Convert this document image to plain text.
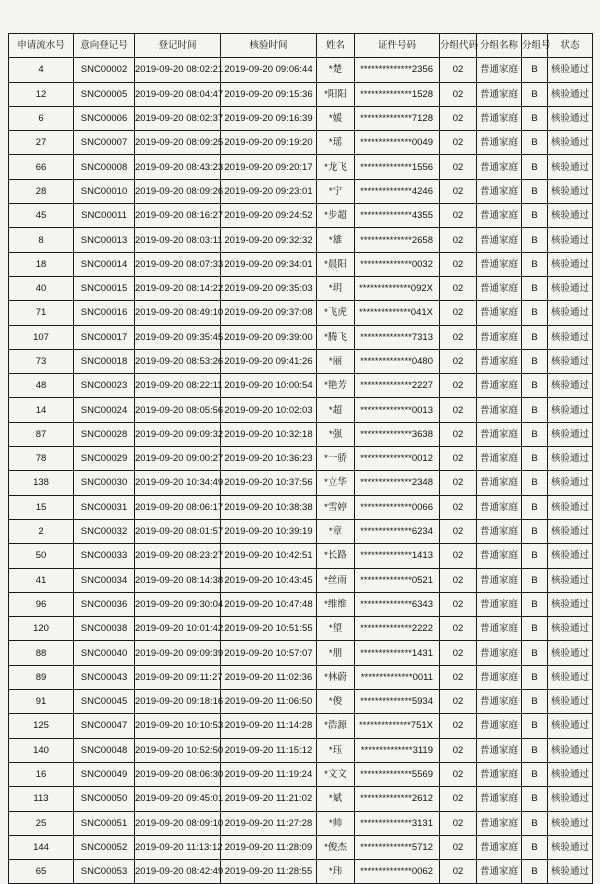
申请流水号	意向登记号	登记时间	核验时间	姓名	证件号码	分组代码	分组名称	分组号	状态
4	SNC00002	2019-09-20 08:02:21	2019-09-20 09:06:44	*楚	**************2356	02	普通家庭	B	核验通过
12	SNC00005	2019-09-20 08:04:47	2019-09-20 09:15:36	*阳阳	**************1528	02	普通家庭	B	核验通过
6	SNC00006	2019-09-20 08:02:37	2019-09-20 09:16:39	*媛	**************7128	02	普通家庭	B	核验通过
27	SNC00007	2019-09-20 08:09:25	2019-09-20 09:19:20	*瑶	**************0049	02	普通家庭	B	核验通过
66	SNC00008	2019-09-20 08:43:23	2019-09-20 09:20:17	*龙飞	**************1556	02	普通家庭	B	核验通过
28	SNC00010	2019-09-20 08:09:26	2019-09-20 09:23:01	*宁	**************4246	02	普通家庭	B	核验通过
45	SNC00011	2019-09-20 08:16:27	2019-09-20 09:24:52	*步超	**************4355	02	普通家庭	B	核验通过
8	SNC00013	2019-09-20 08:03:11	2019-09-20 09:32:32	*雄	**************2658	02	普通家庭	B	核验通过
18	SNC00014	2019-09-20 08:07:33	2019-09-20 09:34:01	*晨阳	**************0032	02	普通家庭	B	核验通过
40	SNC00015	2019-09-20 08:14:22	2019-09-20 09:35:03	*玥	**************092X	02	普通家庭	B	核验通过
71	SNC00016	2019-09-20 08:49:10	2019-09-20 09:37:08	*飞虎	**************041X	02	普通家庭	B	核验通过
107	SNC00017	2019-09-20 09:35:45	2019-09-20 09:39:00	*腾飞	**************7313	02	普通家庭	B	核验通过
73	SNC00018	2019-09-20 08:53:26	2019-09-20 09:41:26	*丽	**************0480	02	普通家庭	B	核验通过
48	SNC00023	2019-09-20 08:22:11	2019-09-20 10:00:54	*艳芳	**************2227	02	普通家庭	B	核验通过
14	SNC00024	2019-09-20 08:05:56	2019-09-20 10:02:03	*超	**************0013	02	普通家庭	B	核验通过
87	SNC00028	2019-09-20 09:09:32	2019-09-20 10:32:18	*强	**************3638	02	普通家庭	B	核验通过
78	SNC00029	2019-09-20 09:00:27	2019-09-20 10:36:23	*一骄	**************0012	02	普通家庭	B	核验通过
138	SNC00030	2019-09-20 10:34:49	2019-09-20 10:37:56	*立华	**************2348	02	普通家庭	B	核验通过
15	SNC00031	2019-09-20 08:06:17	2019-09-20 10:38:38	*雪婷	**************0066	02	普通家庭	B	核验通过
2	SNC00032	2019-09-20 08:01:57	2019-09-20 10:39:19	*章	**************6234	02	普通家庭	B	核验通过
50	SNC00033	2019-09-20 08:23:27	2019-09-20 10:42:51	*长路	**************1413	02	普通家庭	B	核验通过
41	SNC00034	2019-09-20 08:14:38	2019-09-20 10:43:45	*丝雨	**************0521	02	普通家庭	B	核验通过
96	SNC00036	2019-09-20 09:30:04	2019-09-20 10:47:48	*维维	**************6343	02	普通家庭	B	核验通过
120	SNC00038	2019-09-20 10:01:42	2019-09-20 10:51:55	*望	**************2222	02	普通家庭	B	核验通过
88	SNC00040	2019-09-20 09:09:39	2019-09-20 10:57:07	*朋	**************1431	02	普通家庭	B	核验通过
89	SNC00043	2019-09-20 09:11:27	2019-09-20 11:02:36	*林蔚	**************0011	02	普通家庭	B	核验通过
91	SNC00045	2019-09-20 09:18:16	2019-09-20 11:06:50	*俊	**************5934	02	普通家庭	B	核验通过
125	SNC00047	2019-09-20 10:10:53	2019-09-20 11:14:28	*浩源	**************751X	02	普通家庭	B	核验通过
140	SNC00048	2019-09-20 10:52:50	2019-09-20 11:15:12	*珏	**************3119	02	普通家庭	B	核验通过
16	SNC00049	2019-09-20 08:06:30	2019-09-20 11:19:24	*文文	**************5569	02	普通家庭	B	核验通过
113	SNC00050	2019-09-20 09:45:01	2019-09-20 11:21:02	*斌	**************2612	02	普通家庭	B	核验通过
25	SNC00051	2019-09-20 08:09:10	2019-09-20 11:27:28	*帅	**************3131	02	普通家庭	B	核验通过
144	SNC00052	2019-09-20 11:13:12	2019-09-20 11:28:09	*俊杰	**************5712	02	普通家庭	B	核验通过
65	SNC00053	2019-09-20 08:42:49	2019-09-20 11:28:55	*玮	**************0062	02	普通家庭	B	核验通过
